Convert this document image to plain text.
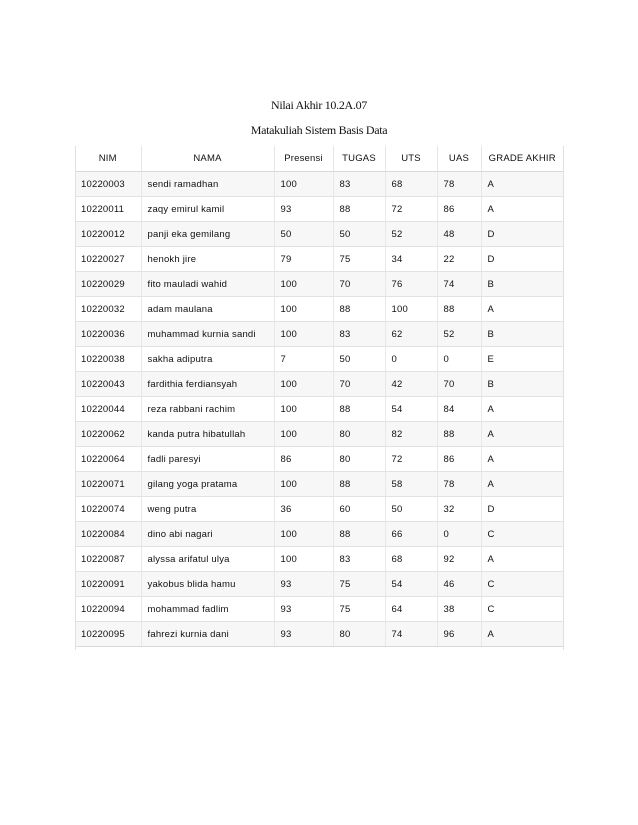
Nilai Akhir 10.2A.07
Matakuliah Sistem Basis Data
NIM	NAMA	Presensi	TUGAS	UTS	UAS	GRADE AKHIR
10220003	sendi ramadhan	100	83	68	78	A
10220011	zaqy emirul kamil	93	88	72	86	A
10220012	panji eka gemilang	50	50	52	48	D
10220027	henokh jire	79	75	34	22	D
10220029	fito mauladi wahid	100	70	76	74	B
10220032	adam maulana	100	88	100	88	A
10220036	muhammad kurnia sandi	100	83	62	52	B
10220038	sakha adiputra	7	50	0	0	E
10220043	fardithia ferdiansyah	100	70	42	70	B
10220044	reza rabbani rachim	100	88	54	84	A
10220062	kanda putra hibatullah	100	80	82	88	A
10220064	fadli paresyi	86	80	72	86	A
10220071	gilang yoga pratama	100	88	58	78	A
10220074	weng putra	36	60	50	32	D
10220084	dino abi nagari	100	88	66	0	C
10220087	alyssa arifatul ulya	100	83	68	92	A
10220091	yakobus blida hamu	93	75	54	46	C
10220094	mohammad fadlim	93	75	64	38	C
10220095	fahrezi kurnia dani	93	80	74	96	A
